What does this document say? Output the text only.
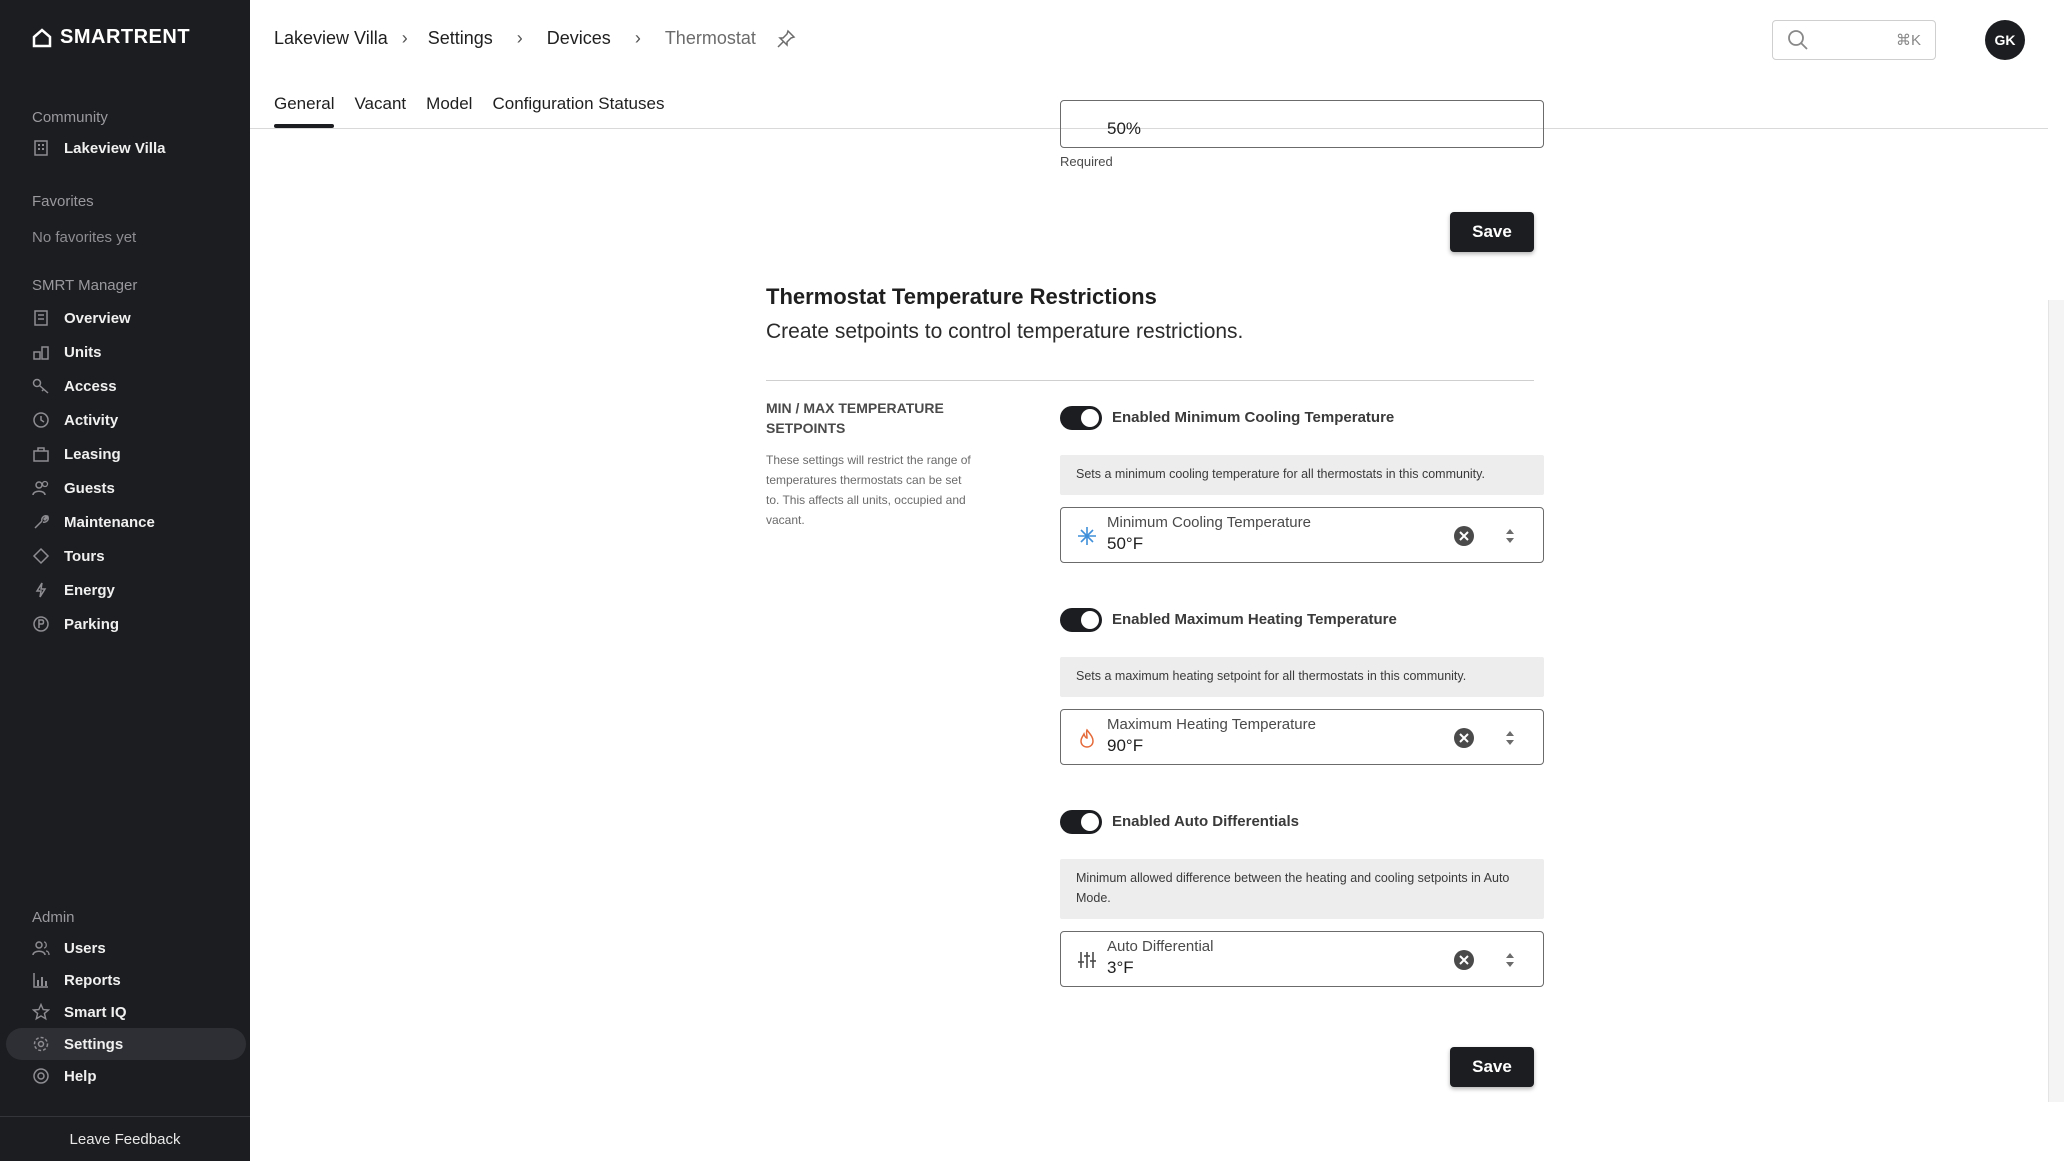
SMARTRENT
Community
Lakeview Villa
Favorites
No favorites yet
SMRT Manager
Overview
Units
Access
Activity
Leasing
Guests
Maintenance
Tours
Energy
Parking
Admin
Users
Reports
Smart IQ
Settings
Help
Leave Feedback
Lakeview Villa › Settings › Devices › Thermostat	⌘K	GK
General Vacant Model Configuration Statuses
50%
Required
Save
Thermostat Temperature Restrictions
Create setpoints to control temperature restrictions.
MIN / MAX TEMPERATURE SETPOINTS
These settings will restrict the range of temperatures thermostats can be set to. This affects all units, occupied and vacant.
Enabled Minimum Cooling Temperature
Sets a minimum cooling temperature for all thermostats in this community.
Minimum Cooling Temperature
50°F
Enabled Maximum Heating Temperature
Sets a maximum heating setpoint for all thermostats in this community.
Maximum Heating Temperature
90°F
Enabled Auto Differentials
Minimum allowed difference between the heating and cooling setpoints in Auto Mode.
Auto Differential
3°F
Save
